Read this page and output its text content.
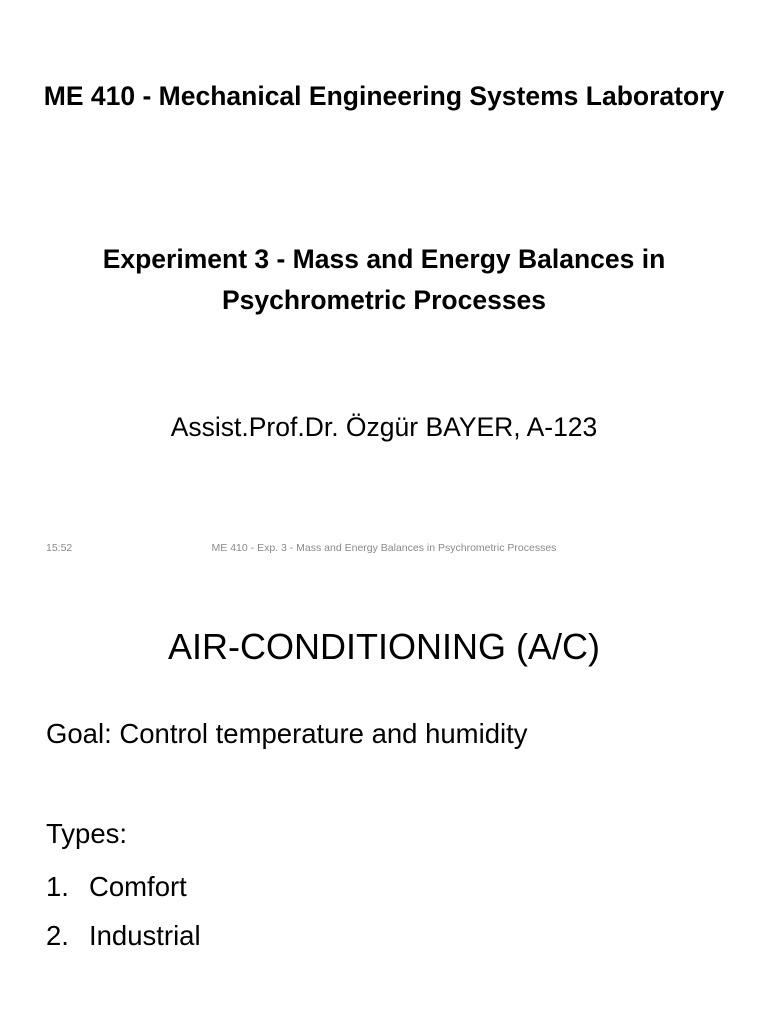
ME 410 - Mechanical Engineering Systems Laboratory
Experiment 3 - Mass and Energy Balances in Psychrometric Processes
Assist.Prof.Dr. Özgür BAYER, A-123
15:52	ME 410 - Exp. 3 - Mass and Energy Balances in Psychrometric Processes
AIR-CONDITIONING (A/C)
Goal: Control temperature and humidity
Types:
1. Comfort
2. Industrial
